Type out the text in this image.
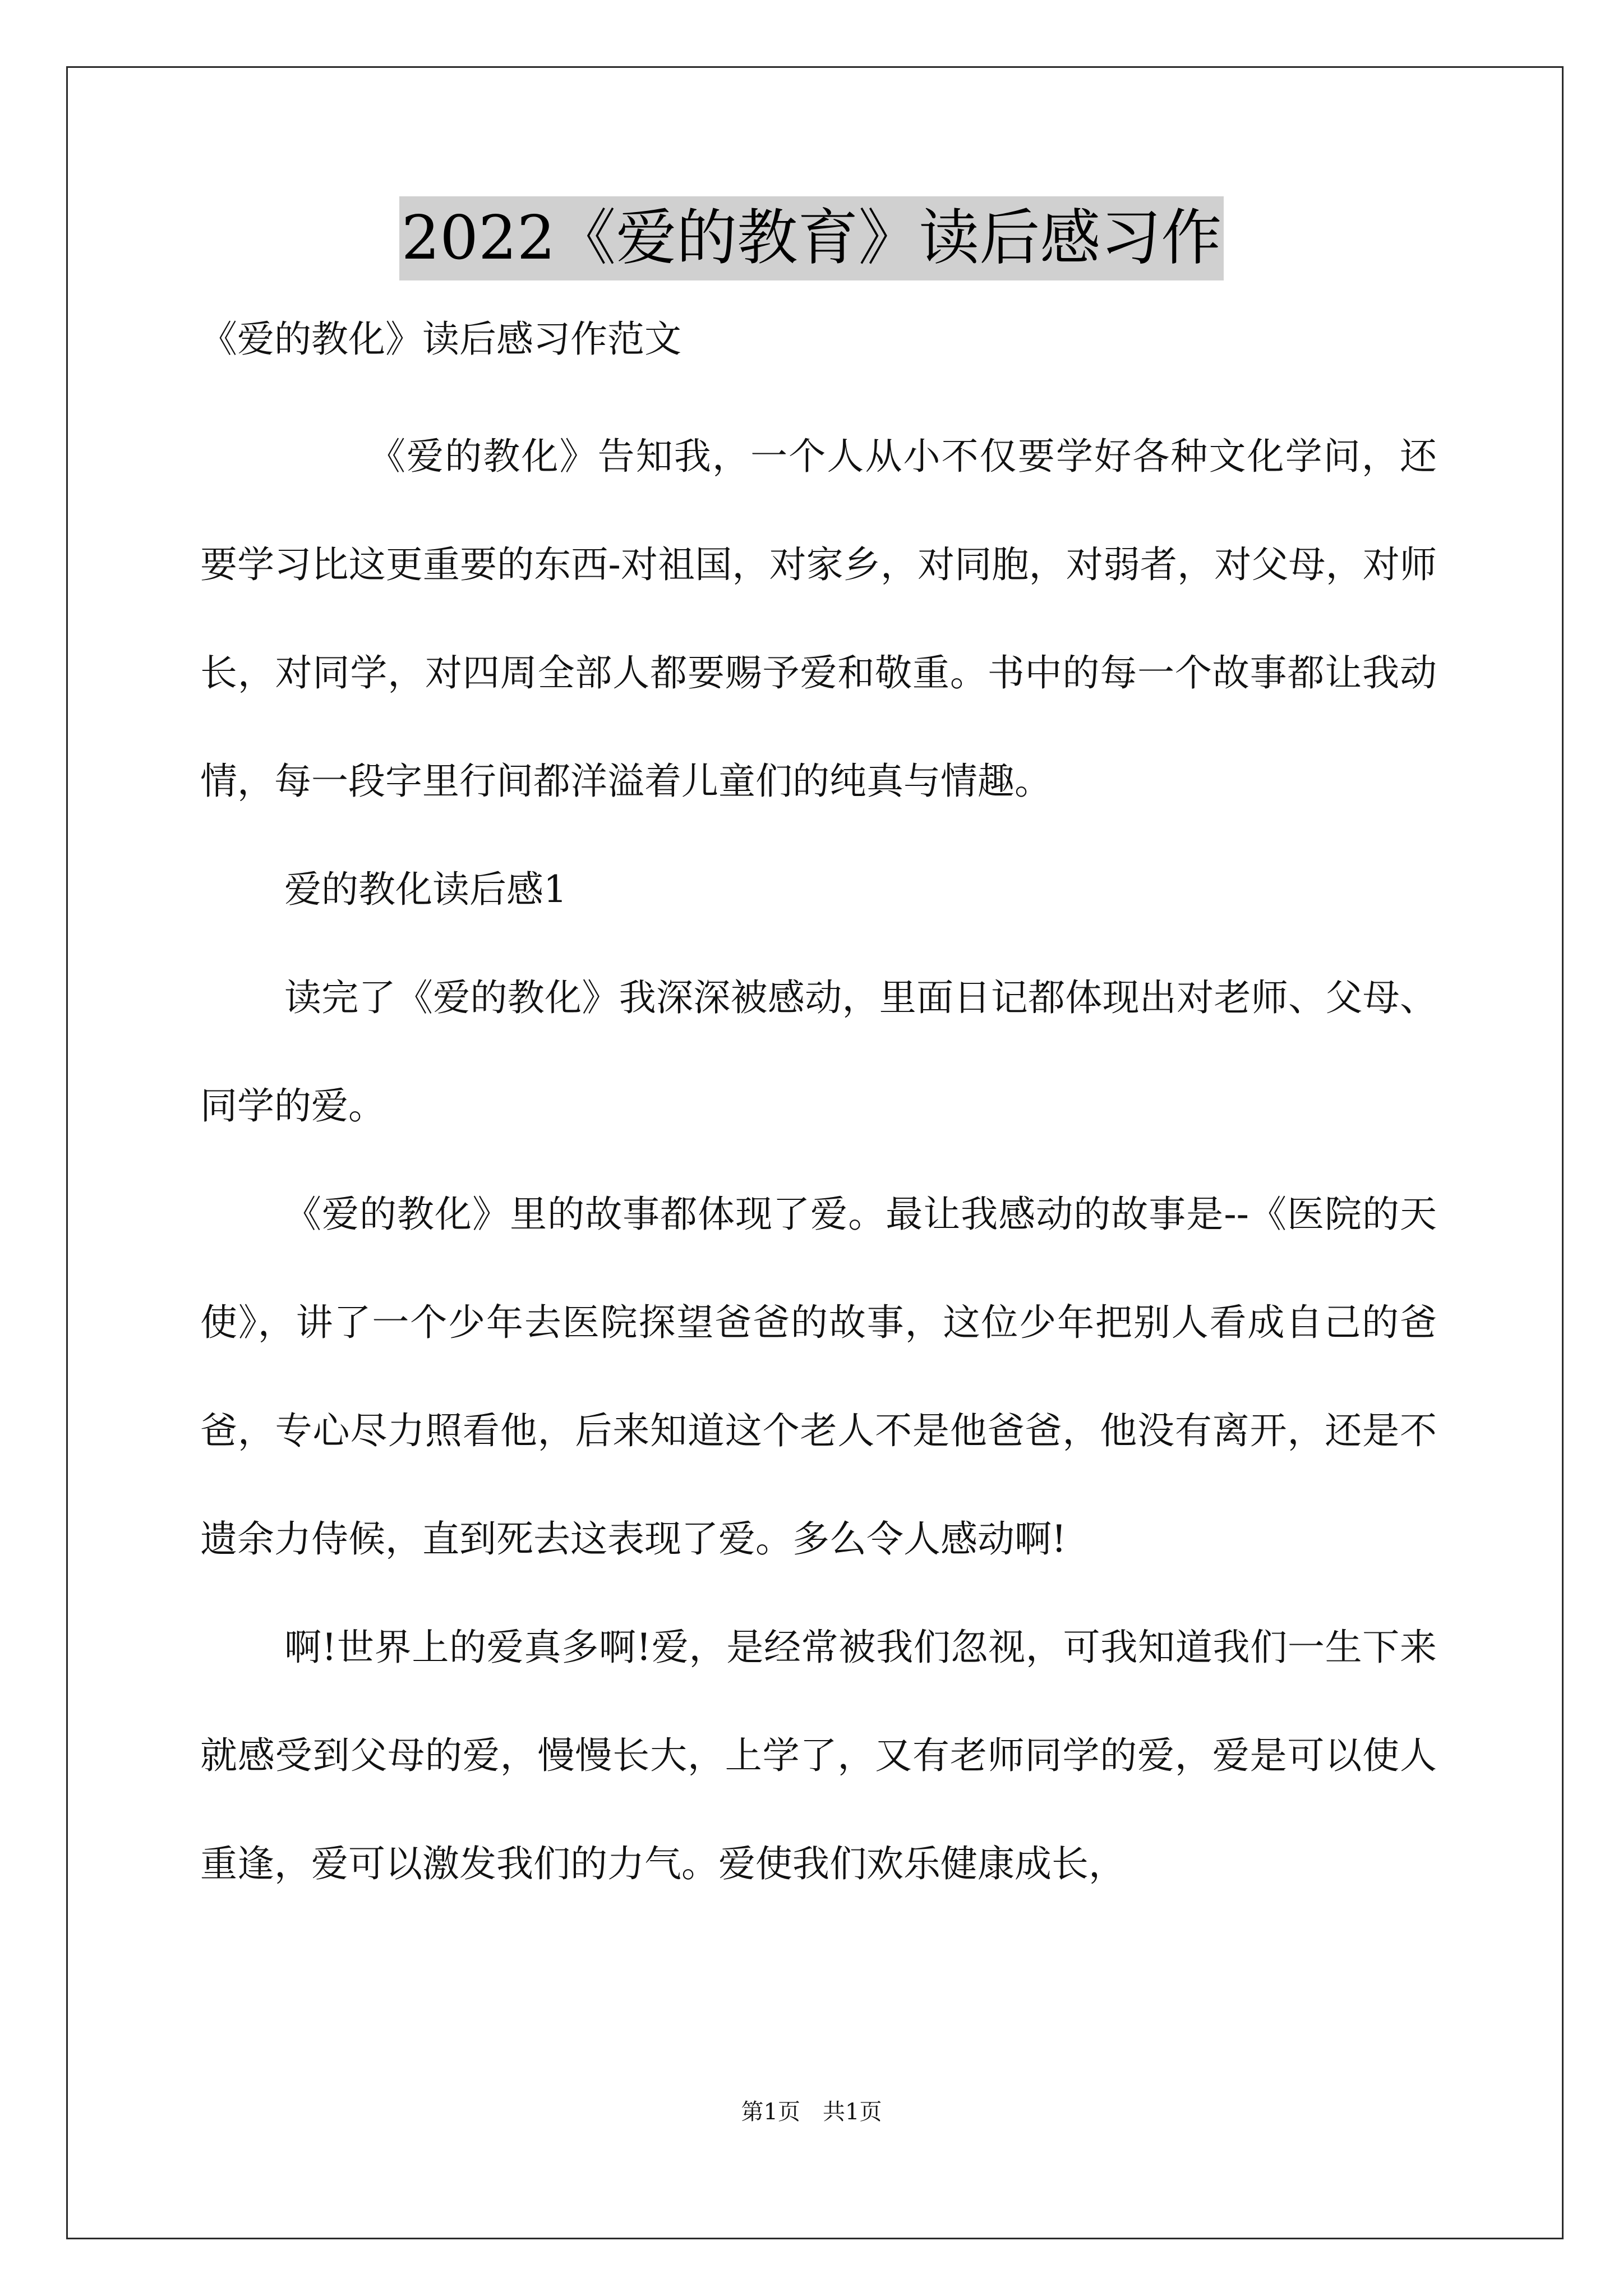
2022《爱的教育》读后感习作

《爱的教化》读后感习作范文

《爱的教化》告知我，一个人从小不仅要学好各种文化学问，还要学习比这更重要的东西-对祖国，对家乡，对同胞，对弱者，对父母，对师长，对同学，对四周全部人都要赐予爱和敬重。书中的每一个故事都让我动情，每一段字里行间都洋溢着儿童们的纯真与情趣。

爱的教化读后感1

读完了《爱的教化》我深深被感动，里面日记都体现出对老师、父母、同学的爱。

《爱的教化》里的故事都体现了爱。最让我感动的故事是--《医院的天使》，讲了一个少年去医院探望爸爸的故事，这位少年把别人看成自己的爸爸，专心尽力照看他，后来知道这个老人不是他爸爸，他没有离开，还是不遗余力侍候，直到死去这表现了爱。多么令人感动啊!

啊!世界上的爱真多啊!爱，是经常被我们忽视，可我知道我们一生下来就感受到父母的爱，慢慢长大，上学了，又有老师同学的爱，爱是可以使人重逢，爱可以激发我们的力气。爱使我们欢乐健康成长，

第1页　共1页
